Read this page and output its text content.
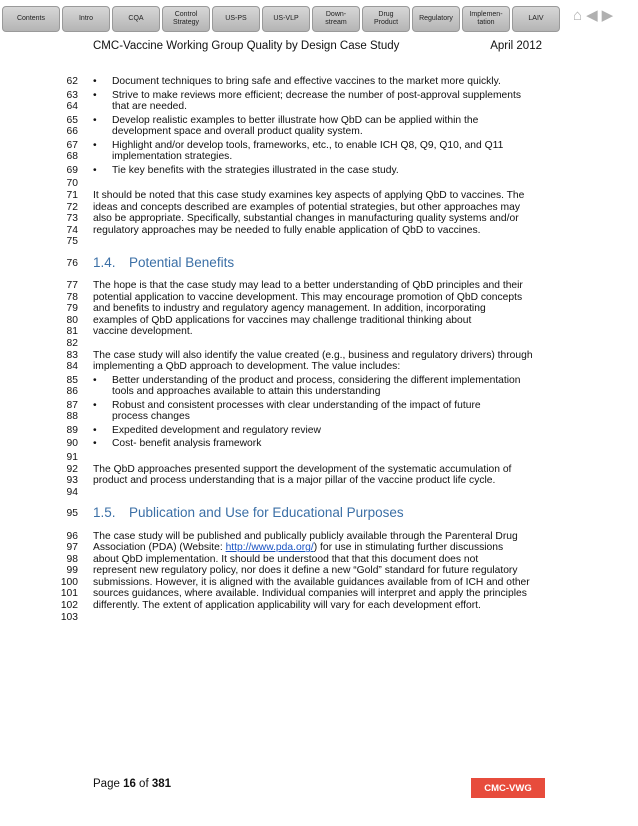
Contents	Intro	CQA
Control
Strategy
US-PS	US-VLP
Down-
stream
Drug
Product
Regulatory
Implemen-
tation
LAIV	⌂ ◀ ▶
CMC-Vaccine Working Group Quality by Design Case Study	April 2012
62 • Document techniques to bring safe and effective vaccines to the market more quickly.
63 • Strive to make reviews more efficient; decrease the number of post-approval supplements
64	that are needed.
65 • Develop realistic examples to better illustrate how QbD can be applied within the
66	development space and overall product quality system.
67 • Highlight and/or develop tools, frameworks, etc., to enable ICH Q8, Q9, Q10, and Q11
68	implementation strategies.
69 • Tie key benefits with the strategies illustrated in the case study.
70
71 It should be noted that this case study examines key aspects of applying QbD to vaccines. The
72 ideas and concepts described are examples of potential strategies, but other approaches may
73 also be appropriate. Specifically, substantial changes in manufacturing quality systems and/or
74 regulatory approaches may be needed to fully enable application of QbD to vaccines.
75
76 1.4. Potential Benefits
77 The hope is that the case study may lead to a better understanding of QbD principles and their
78 potential application to vaccine development. This may encourage promotion of QbD concepts
79 and benefits to industry and regulatory agency management. In addition, incorporating
80 examples of QbD applications for vaccines may challenge traditional thinking about
81 vaccine development.
82
83 The case study will also identify the value created (e.g., business and regulatory drivers) through
84 implementing a QbD approach to development. The value includes:
85 • Better understanding of the product and process, considering the different implementation
86	tools and approaches available to attain this understanding
87 • Robust and consistent processes with clear understanding of the impact of future
88	process changes
89 • Expedited development and regulatory review
90 • Cost- benefit analysis framework
91
92 The QbD approaches presented support the development of the systematic accumulation of
93 product and process understanding that is a major pillar of the vaccine product life cycle.
94
95 1.5. Publication and Use for Educational Purposes
96 The case study will be published and publically publicly available through the Parenteral Drug
97 Association (PDA) (Website: http://www.pda.org/) for use in stimulating further discussions
98 about QbD implementation. It should be understood that that this document does not
99 represent new regulatory policy, nor does it define a new “Gold” standard for future regulatory
100 submissions. However, it is aligned with the available guidances available from of ICH and other
101 sources guidances, where available. Individual companies will interpret and apply the principles
102 differently. The extent of application applicability will vary for each development effort.
103
Page 16 of 381	CMC-VWG
